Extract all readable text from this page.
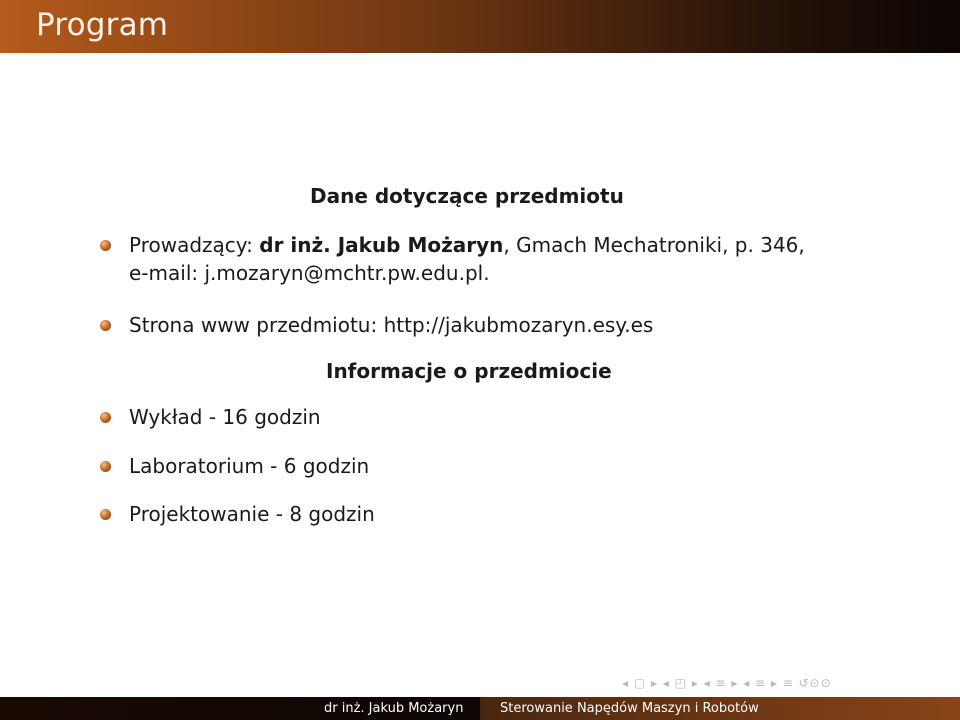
Program
Dane dotyczące przedmiotu
Prowadzący: dr inż. Jakub Możaryn, Gmach Mechatroniki, p. 346,
e-mail: j.mozaryn@mchtr.pw.edu.pl.
Strona www przedmiotu: http://jakubmozaryn.esy.es
Informacje o przedmiocie
Wykład - 16 godzin
Laboratorium - 6 godzin
Projektowanie - 8 godzin
◂ ▢ ▸ ◂ ◰ ▸ ◂ ≡ ▸ ◂ ≡ ▸ ≡ ↺⊙⊙
dr inż. Jakub Możaryn	Sterowanie Napędów Maszyn i Robotów
